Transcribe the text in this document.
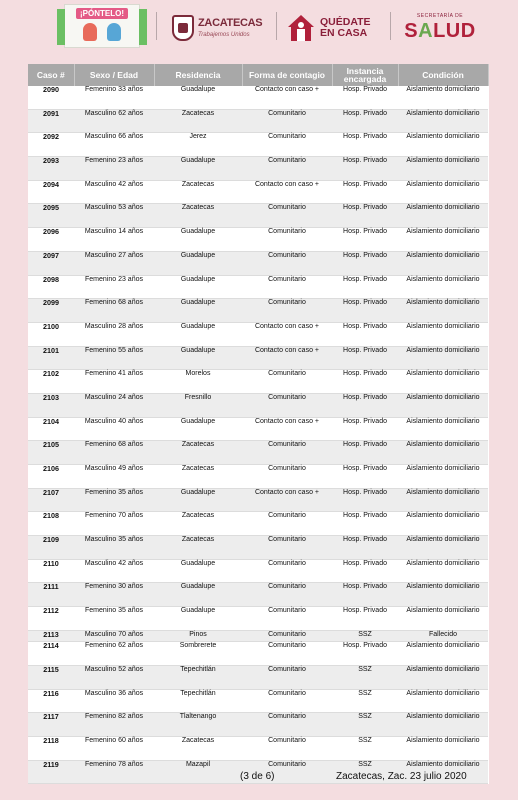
¡PÓNTELO!
ZACATECAS
Trabajemos Unidos
QUÉDATE
EN CASA
SECRETARÍA DE
SALUD
Caso #	Sexo / Edad	Residencia	Forma de contagio	Instancia encargada	Condición
2090	Femenino 33 años	Guadalupe	Contacto con caso +	Hosp. Privado	Aislamiento domiciliario
2091	Masculino 62 años	Zacatecas	Comunitario	Hosp. Privado	Aislamiento domiciliario
2092	Masculino 66 años	Jerez	Comunitario	Hosp. Privado	Aislamiento domiciliario
2093	Femenino 23 años	Guadalupe	Comunitario	Hosp. Privado	Aislamiento domiciliario
2094	Masculino 42 años	Zacatecas	Contacto con caso +	Hosp. Privado	Aislamiento domiciliario
2095	Masculino 53 años	Zacatecas	Comunitario	Hosp. Privado	Aislamiento domiciliario
2096	Masculino 14 años	Guadalupe	Comunitario	Hosp. Privado	Aislamiento domiciliario
2097	Masculino 27 años	Guadalupe	Comunitario	Hosp. Privado	Aislamiento domiciliario
2098	Femenino 23 años	Guadalupe	Comunitario	Hosp. Privado	Aislamiento domiciliario
2099	Femenino 68 años	Guadalupe	Comunitario	Hosp. Privado	Aislamiento domiciliario
2100	Masculino 28 años	Guadalupe	Contacto con caso +	Hosp. Privado	Aislamiento domiciliario
2101	Femenino 55 años	Guadalupe	Contacto con caso +	Hosp. Privado	Aislamiento domiciliario
2102	Femenino 41 años	Morelos	Comunitario	Hosp. Privado	Aislamiento domiciliario
2103	Masculino 24 años	Fresnillo	Comunitario	Hosp. Privado	Aislamiento domiciliario
2104	Masculino 40 años	Guadalupe	Contacto con caso +	Hosp. Privado	Aislamiento domiciliario
2105	Femenino 68 años	Zacatecas	Comunitario	Hosp. Privado	Aislamiento domiciliario
2106	Masculino 49 años	Zacatecas	Comunitario	Hosp. Privado	Aislamiento domiciliario
2107	Femenino 35 años	Guadalupe	Contacto con caso +	Hosp. Privado	Aislamiento domiciliario
2108	Femenino 70 años	Zacatecas	Comunitario	Hosp. Privado	Aislamiento domiciliario
2109	Masculino 35 años	Zacatecas	Comunitario	Hosp. Privado	Aislamiento domiciliario
2110	Masculino 42 años	Guadalupe	Comunitario	Hosp. Privado	Aislamiento domiciliario
2111	Femenino 30 años	Guadalupe	Comunitario	Hosp. Privado	Aislamiento domiciliario
2112	Femenino 35 años	Guadalupe	Comunitario	Hosp. Privado	Aislamiento domiciliario
2113	Masculino 70 años	Pinos	Comunitario	SSZ	Fallecido
2114	Femenino 62 años	Sombrerete	Comunitario	Hosp. Privado	Aislamiento domiciliario
2115	Masculino 52 años	Tepechitlán	Comunitario	SSZ	Aislamiento domiciliario
2116	Masculino 36 años	Tepechitlán	Comunitario	SSZ	Aislamiento domiciliario
2117	Femenino 82 años	Tlaltenango	Comunitario	SSZ	Aislamiento domiciliario
2118	Femenino 60 años	Zacatecas	Comunitario	SSZ	Aislamiento domiciliario
2119	Femenino 78 años	Mazapil	Comunitario	SSZ	Aislamiento domiciliario
(3 de 6)	Zacatecas, Zac. 23 julio 2020
